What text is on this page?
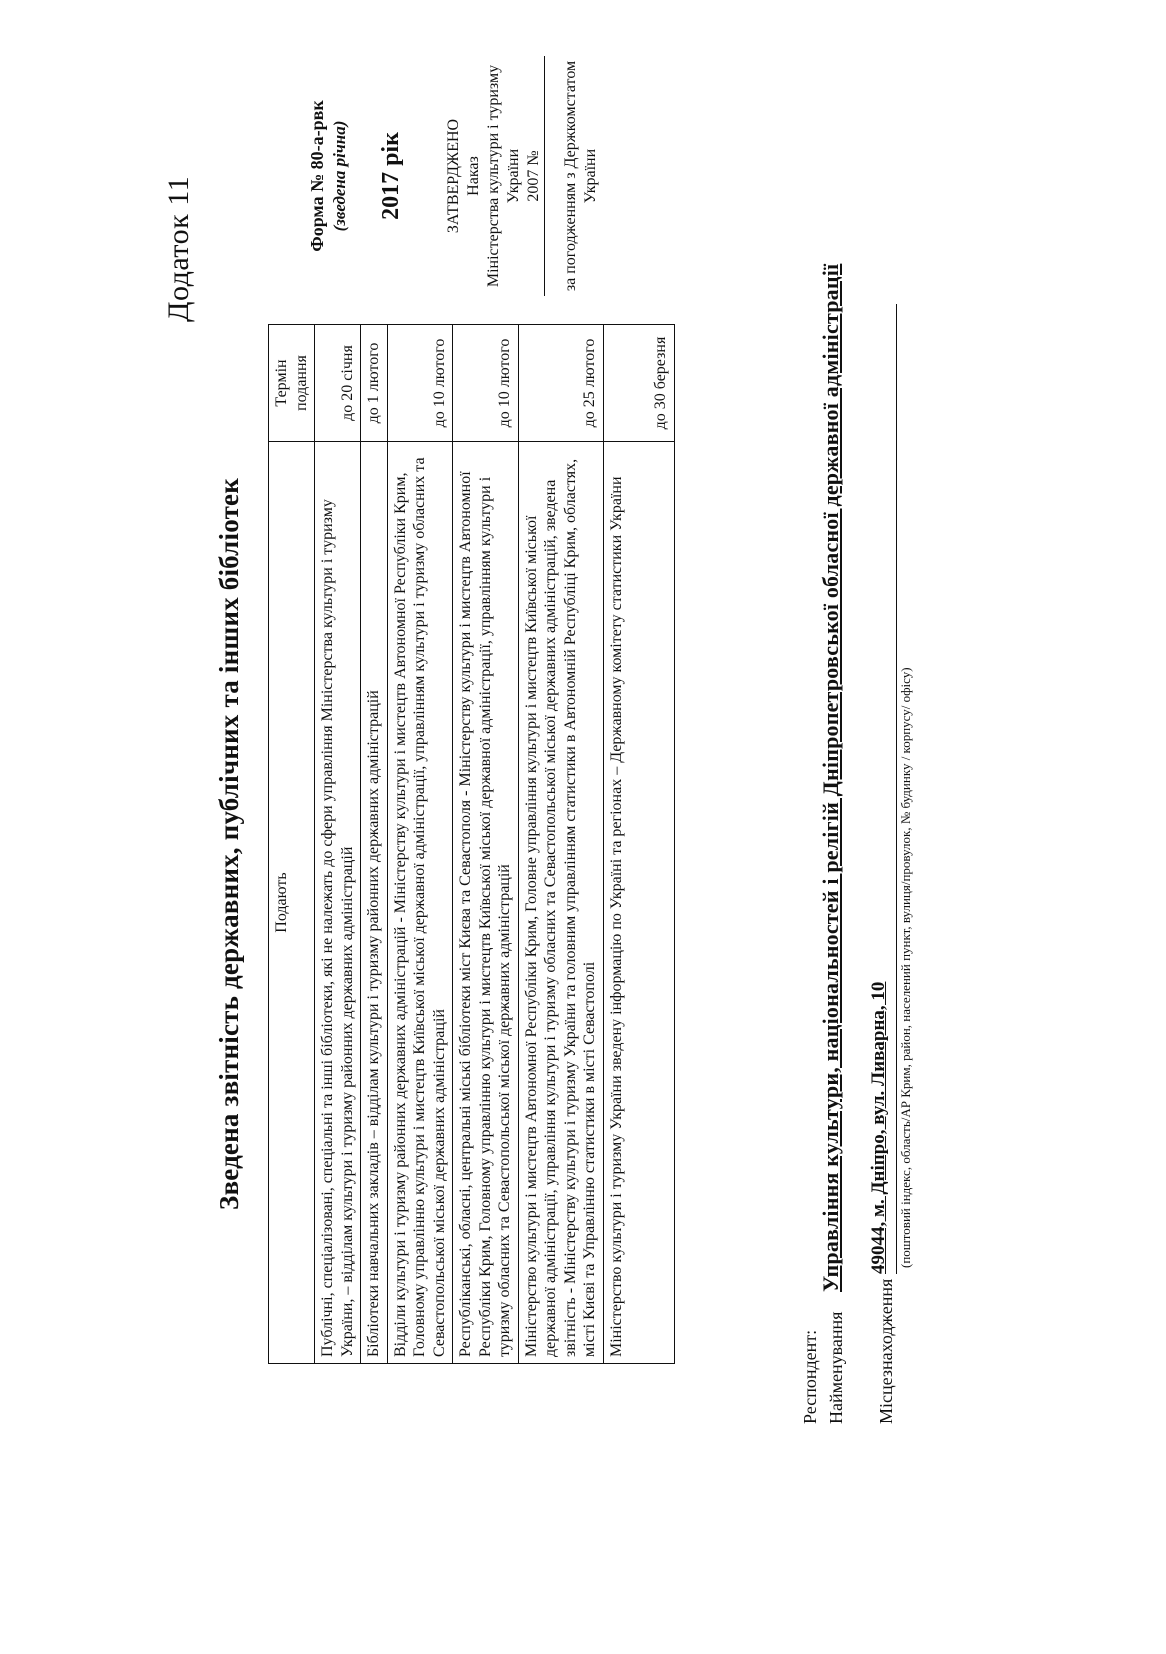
Додаток 11
Зведена звітність державних, публічних та інших бібліотек Подають	Термін подання
Публічні, спеціалізовані, спеціальні та інші бібліотеки, які не належать до сфери управління Міністерства культури і туризму України, – відділам культури і туризму районних державних адміністрацій	до 20 січня
Бібліотеки навчальних закладів – відділам культури і туризму районних державних адміністрацій	до 1 лютого
Відділи культури і туризму районних державних адміністрацій - Міністерству культури і мистецтв Автономної Республіки Крим, Головному управлінню культури і мистецтв Київської міської державної адміністрації, управлінням культури і туризму обласних та Севастопольської міської державних адміністрацій	до 10 лютого
Республіканські, обласні, центральні міські бібліотеки міст Києва та Севастополя - Міністерству культури і мистецтв Автономної Республіки Крим, Головному управлінню культури і мистецтв Київської міської державної адміністрації, управлінням культури і туризму обласних та Севастопольської міської державних адміністрацій	до 10 лютого
Міністерство культури і мистецтв Автономної Республіки Крим, Головне управління культури і мистецтв Київської міської державної адміністрації, управління культури і туризму обласних та Севастопольської міської державних адміністрацій, зведена звітність - Міністерству культури і туризму України та головним управлінням статистики в Автономній Республіці Крим, областях, місті Києві та Управлінню статистики в місті Севастополі	до 25 лютого
Міністерство культури і туризму України зведену інформацію по Україні та регіонах – Державному комітету статистики України	до 30 березня
Форма № 80-а-рвк (зведена річна) 2017 рік	ЗАТВЕРДЖЕНО Наказ Міністерства культури і туризму України 2007 №	за погодженням з Держкомстатом України
Респондент: Найменування
Управління культури, національностей і релігій Дніпропетровської обласної державної адміністрації
Місцезнаходження
49044, м. Дніпро, вул. Ливарна, 10 (поштовий індекс, область/АР Крим, район, населений пункт, вулиця/провулок, № будинку / корпусу/ офісу)
